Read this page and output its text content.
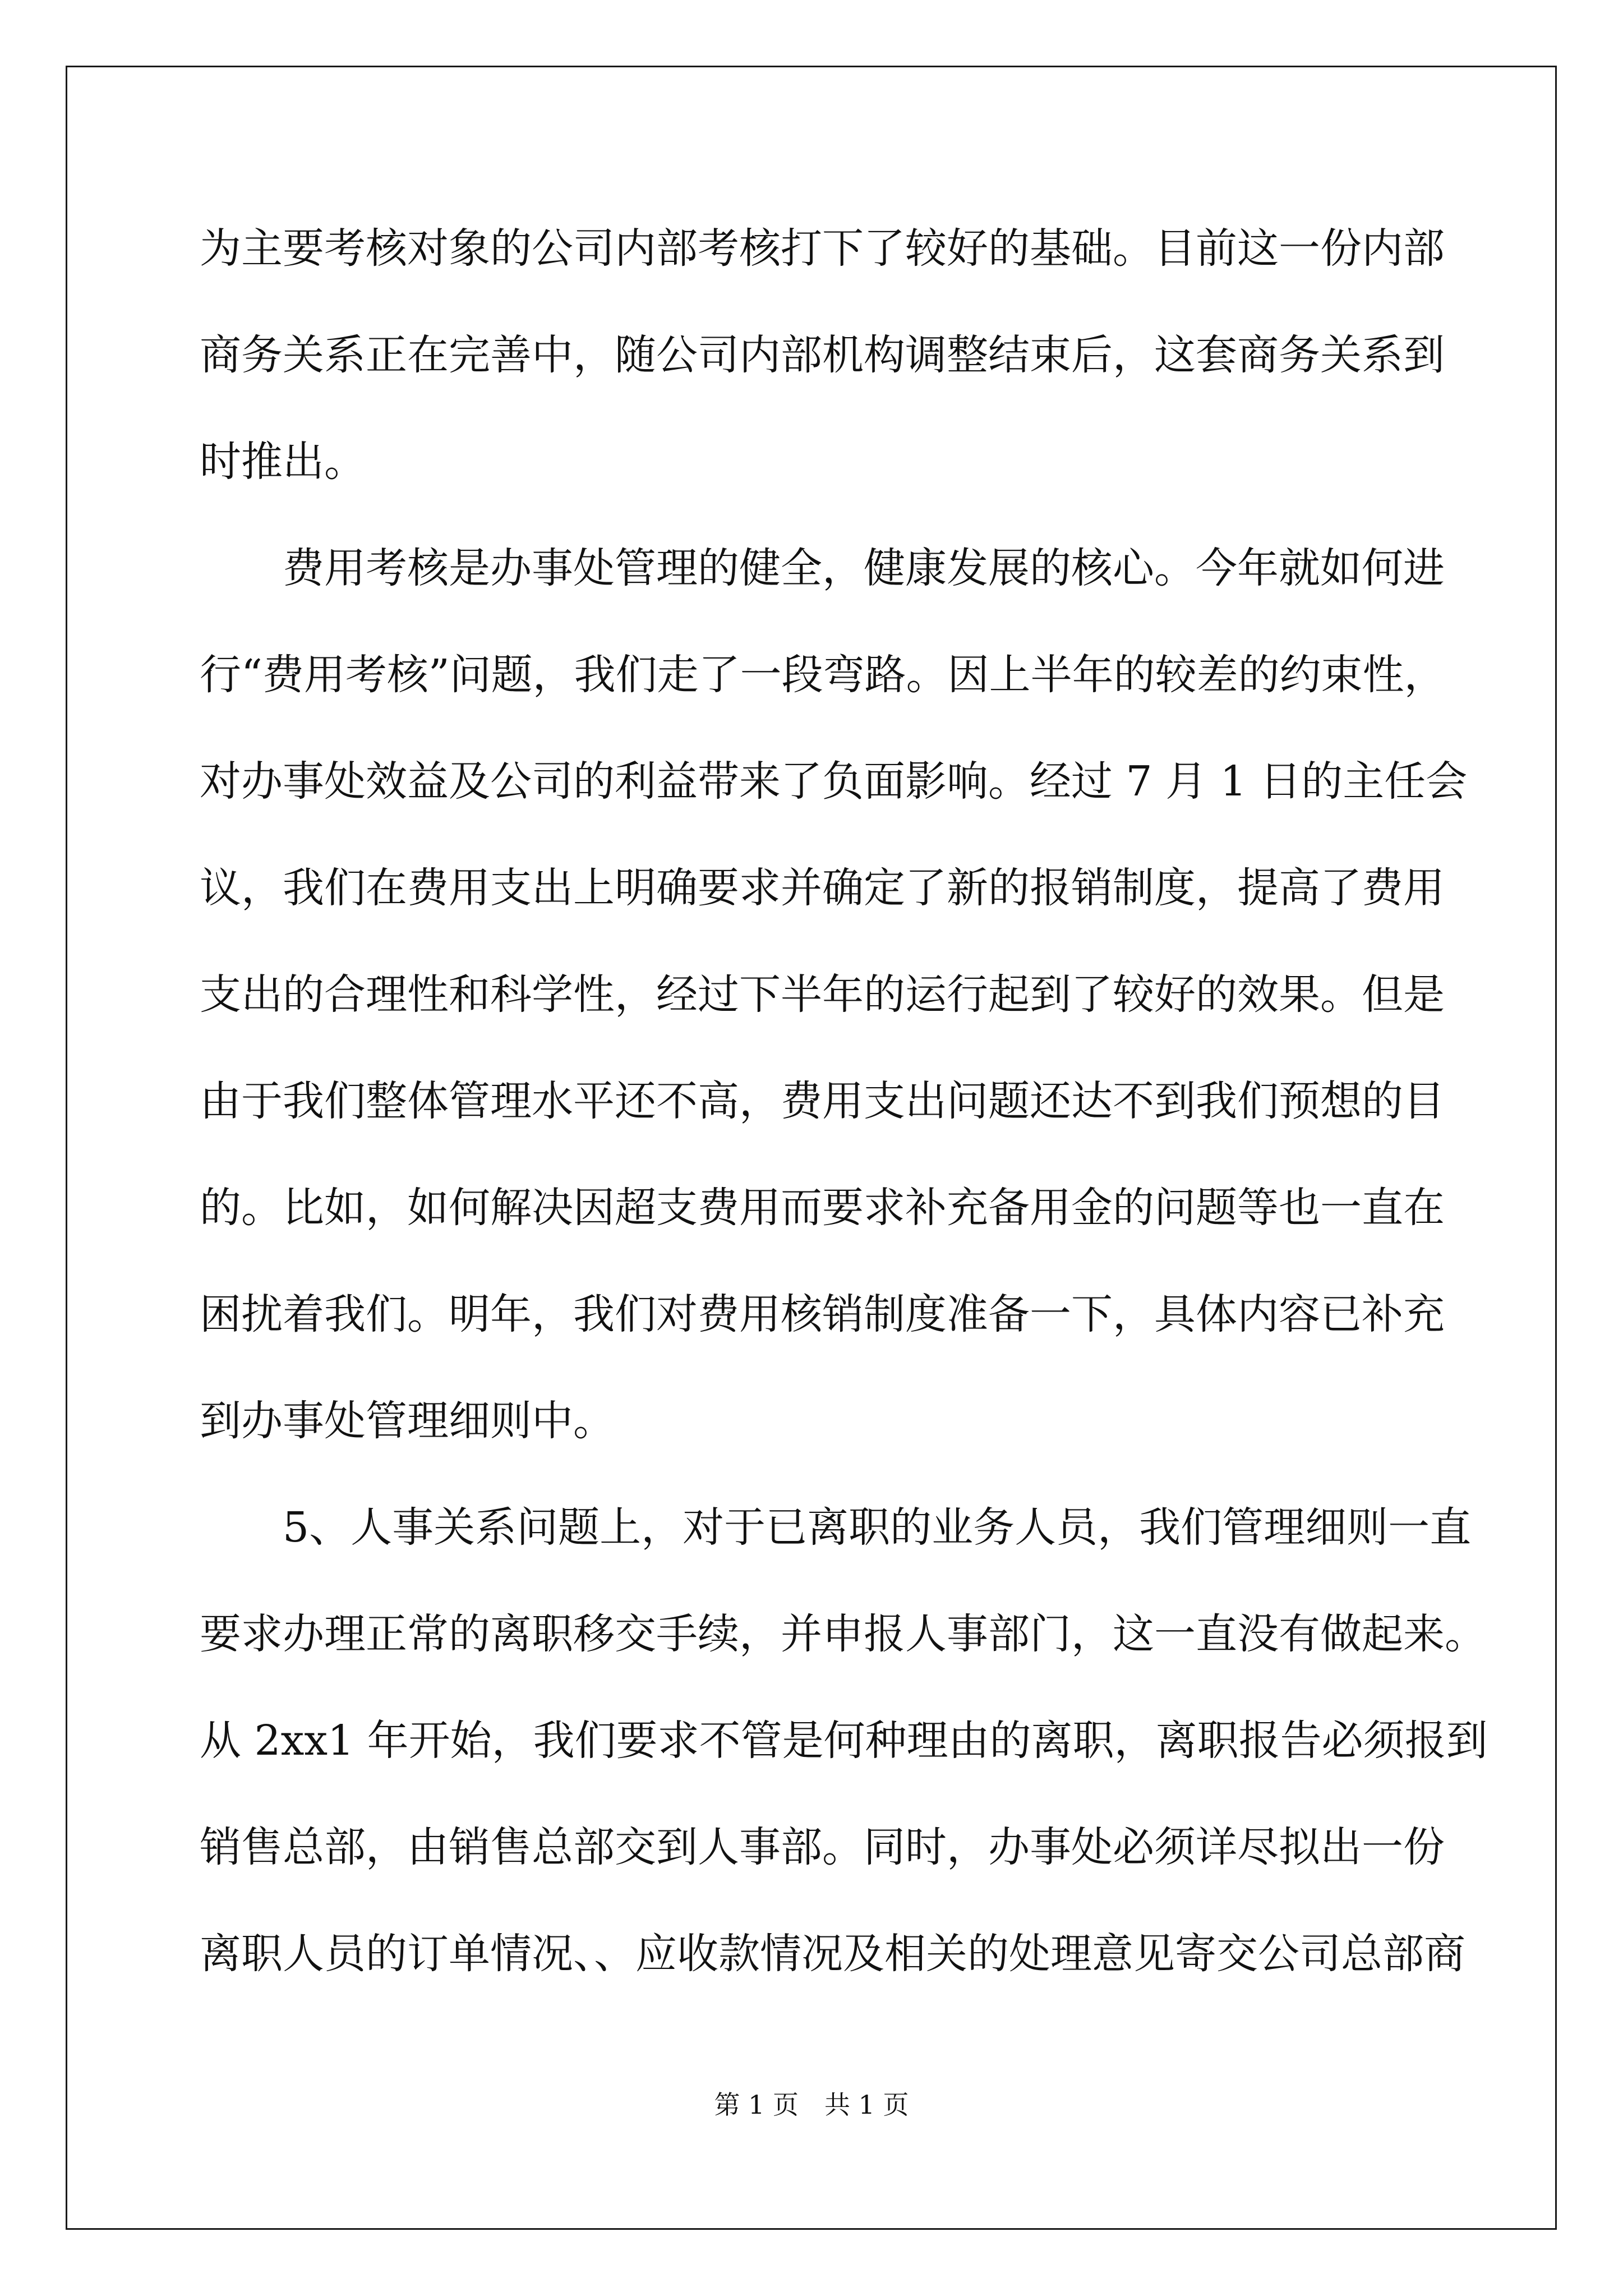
为主要考核对象的公司内部考核打下了较好的基础。目前这一份内部
商务关系正在完善中，随公司内部机构调整结束后，这套商务关系到
时推出。
费用考核是办事处管理的健全，健康发展的核心。今年就如何进
行“费用考核”问题，我们走了一段弯路。因上半年的较差的约束性，
对办事处效益及公司的利益带来了负面影响。经过 7 月 1 日的主任会
议，我们在费用支出上明确要求并确定了新的报销制度，提高了费用
支出的合理性和科学性，经过下半年的运行起到了较好的效果。但是
由于我们整体管理水平还不高，费用支出问题还达不到我们预想的目
的。比如，如何解决因超支费用而要求补充备用金的问题等也一直在
困扰着我们。明年，我们对费用核销制度准备一下，具体内容已补充
到办事处管理细则中。
5、人事关系问题上，对于已离职的业务人员，我们管理细则一直
要求办理正常的离职移交手续，并申报人事部门，这一直没有做起来。
从 2xx1 年开始，我们要求不管是何种理由的离职，离职报告必须报到
销售总部，由销售总部交到人事部。同时，办事处必须详尽拟出一份
离职人员的订单情况、、应收款情况及相关的处理意见寄交公司总部商
第 1 页 共 1 页
